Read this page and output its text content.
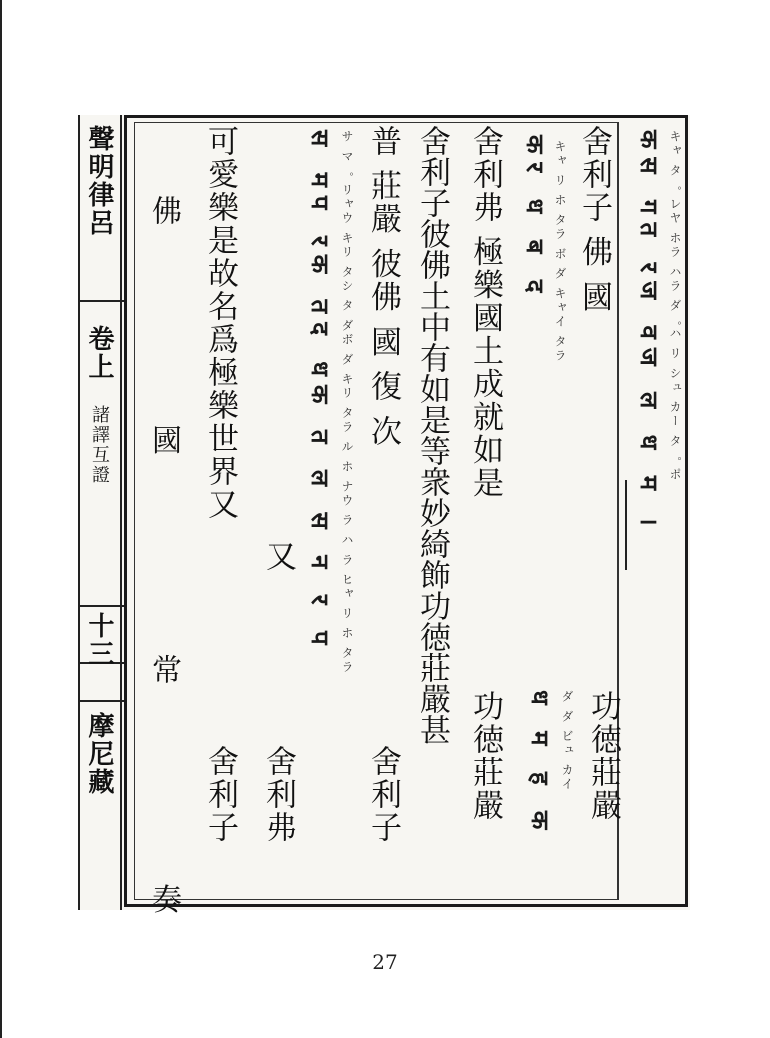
聲明律呂
卷上
諸譯互證
十三
摩尼藏
キャ タ゜ レヤ ホラ ハラ ダ゜ハ リ シュ カー タ゜ ポ
कस गत रज वज ल ध म ।
功徳莊嚴
舍利子 佛 國
キャ リ ホ タラ ボ ダ キャイ タラ
कर ध ब द
ダ ダ ビュ カイ
ध म ह क
舍利弗 極樂國土成就如是
功徳莊嚴
舍利子彼佛土中有如是等衆妙綺飾功徳莊嚴甚
普 莊嚴 彼佛 國 復 次
舍利子
サ マ゜ リャウ キリ タシ タ ダボ ダ キリ タラ ル ホ ナウ ラ ハ ラ ヒャ リ ホ タラ
स मप रक तद धक त ल स न र प
又
舍利弗
可愛樂是故名爲極樂世界又
舍利子
佛 國 常 奏	27
